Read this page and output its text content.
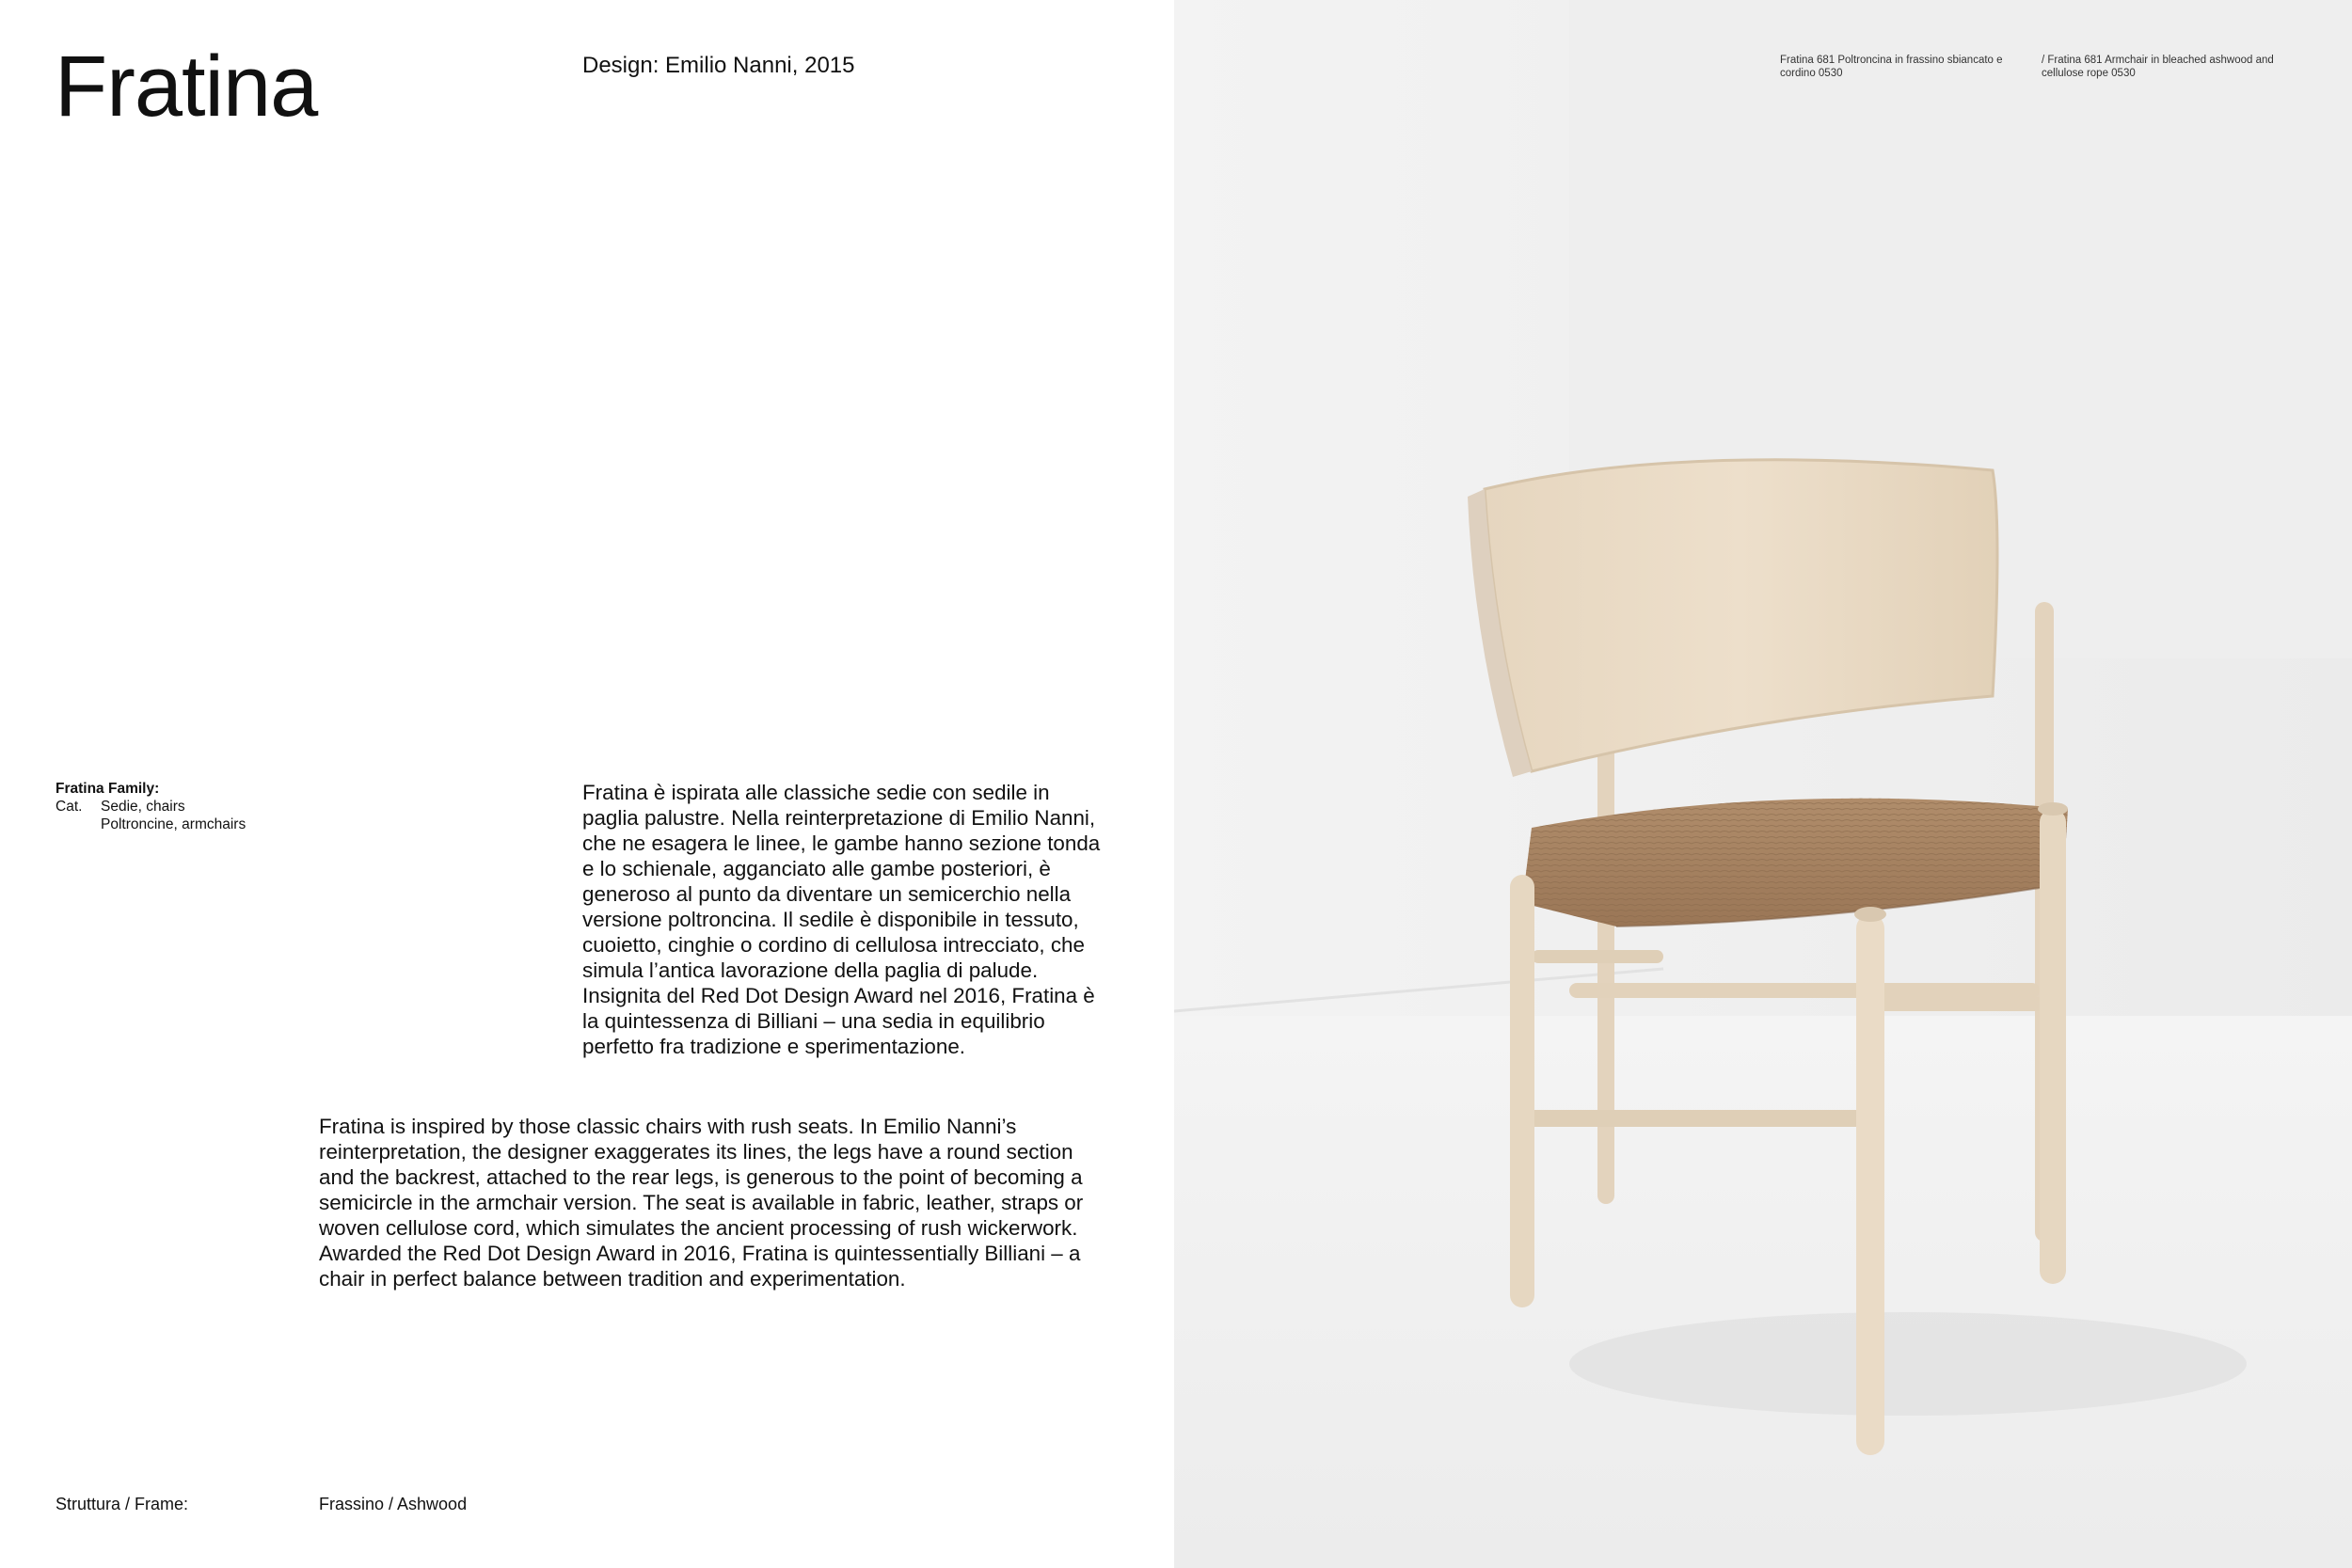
Fratina	Design: Emilio Nanni, 2015
Fratina Family:
Cat.	Sedie, chairs
Poltroncine, armchairs

Fratina è ispirata alle classiche sedie con sedile in paglia palustre. Nella reinterpretazione di Emilio Nanni, che ne esagera le linee, le gambe hanno sezione tonda e lo schienale, agganciato alle gambe posteriori, è generoso al punto da diventare un semicerchio nella versione poltroncina. Il sedile è disponibile in tessuto, cuoietto, cinghie o cordino di cellulosa intrecciato, che simula l’antica lavorazione della paglia di palude. Insignita del Red Dot Design Award nel 2016, Fratina è la quintessenza di Billiani – una sedia in equilibrio perfetto fra tradizione e sperimentazione.

Fratina is inspired by those classic chairs with rush seats. In Emilio Nanni’s reinterpretation, the designer exaggerates its lines, the legs have a round section and the backrest, attached to the rear legs, is generous to the point of becoming a semicircle in the armchair version. The seat is available in fabric, leather, straps or woven cellulose cord, which simulates the ancient processing of rush wickerwork. Awarded the Red Dot Design Award in 2016, Fratina is quintessentially Billiani – a chair in perfect balance between tradition and experimentation.

Struttura / Frame:	Frassino / Ashwood
Fratina 681 Poltroncina in frassino sbiancato e cordino 0530
/ Fratina 681 Armchair in bleached ashwood and cellulose rope 0530
